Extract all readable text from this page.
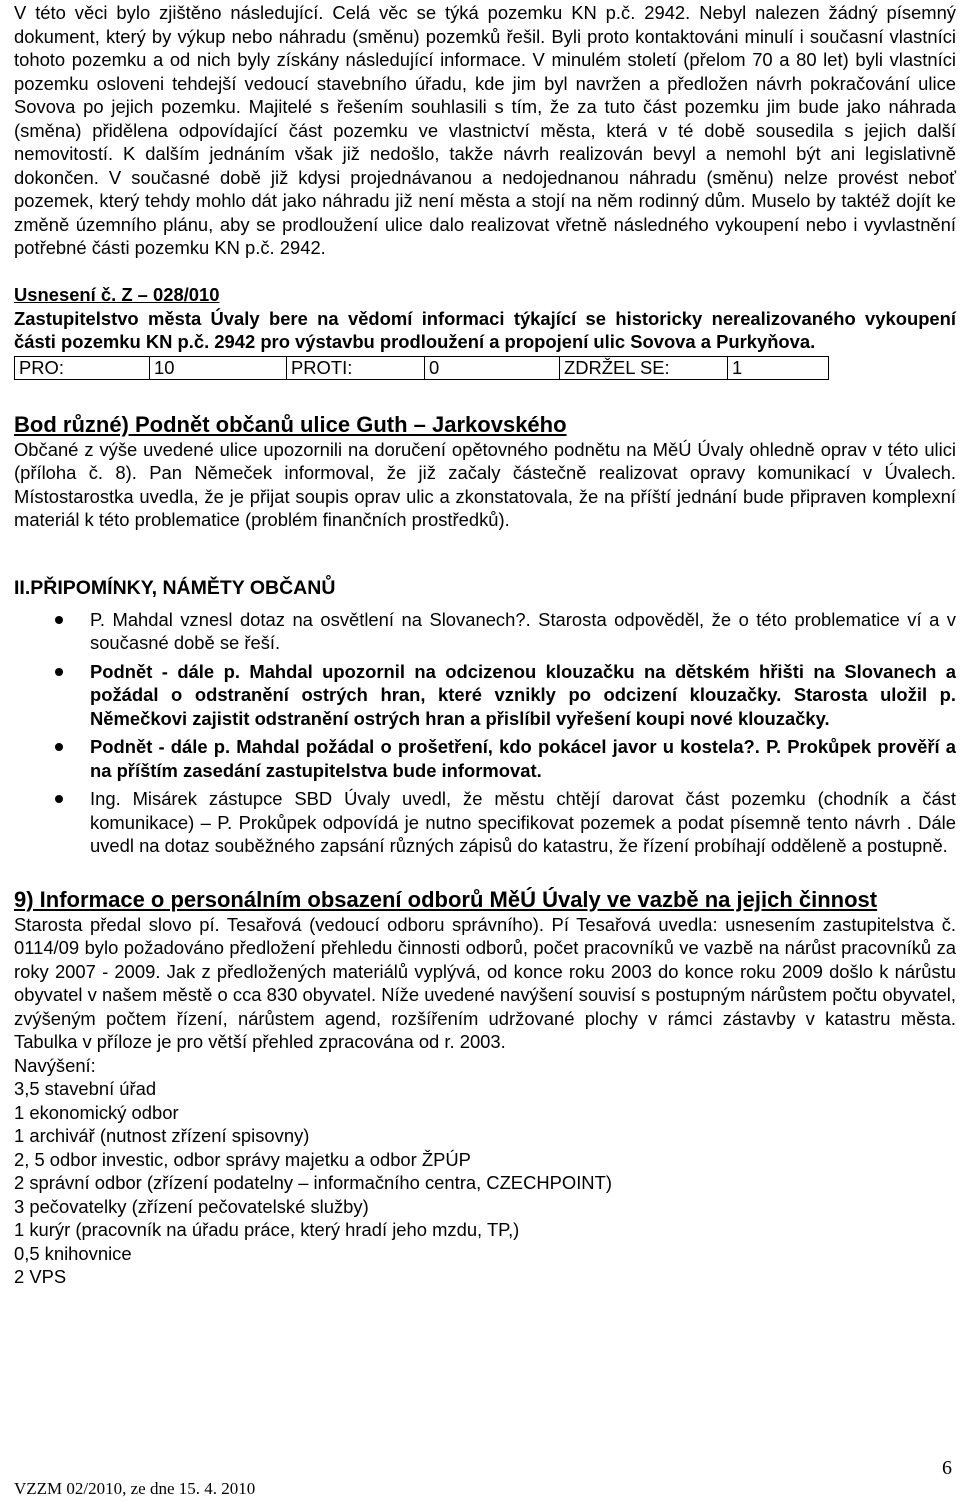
V této věci bylo zjištěno následující. Celá věc se týká pozemku KN p.č. 2942. Nebyl nalezen žádný písemný dokument, který by výkup nebo náhradu (směnu) pozemků řešil. Byli proto kontaktováni minulí i současní vlastníci tohoto pozemku a od nich byly získány následující informace. V minulém století (přelom 70 a 80 let) byli vlastníci pozemku osloveni tehdejší vedoucí stavebního úřadu, kde jim byl navržen a předložen návrh pokračování ulice Sovova po jejich pozemku. Majitelé s řešením souhlasili s tím, že za tuto část pozemku jim bude jako náhrada (směna) přidělena odpovídající část pozemku ve vlastnictví města, která v té době sousedila s jejich další nemovitostí. K dalším jednáním však již nedošlo, takže návrh realizován bevyl a nemohl být ani legislativně dokončen. V současné době již kdysi projednávanou a nedojednanou náhradu (směnu) nelze provést neboť pozemek, který tehdy mohlo dát jako náhradu již není města a stojí na něm rodinný dům. Muselo by taktéž dojít ke změně územního plánu, aby se prodloužení ulice dalo realizovat vřetně následného vykoupení nebo i vyvlastnění potřebné části pozemku KN p.č. 2942.

Usnesení č. Z – 028/010

Zastupitelstvo města Úvaly bere na vědomí informaci týkající se historicky nerealizovaného vykoupení části pozemku KN p.č. 2942 pro výstavbu prodloužení a propojení ulic Sovova a Purkyňova.

PRO:	10	PROTI:	0	ZDRŽEL SE:	1
Bod různé) Podnět občanů ulice Guth – Jarkovského

Občané z výše uvedené ulice upozornili na doručení opětovného podnětu na MěÚ Úvaly ohledně oprav v této ulici (příloha č. 8). Pan Němeček informoval, že již začaly částečně realizovat opravy komunikací v Úvalech. Místostarostka uvedla, že je přijat soupis oprav ulic a zkonstatovala, že na příští jednání bude připraven komplexní materiál k této problematice (problém finančních prostředků).

II.PŘIPOMÍNKY, NÁMĚTY OBČANŮ
P. Mahdal vznesl dotaz na osvětlení na Slovanech?. Starosta odpověděl, že o této problematice ví a v současné době se řeší.
Podnět - dále p. Mahdal upozornil na odcizenou klouzačku na dětském hřišti na Slovanech a požádal o odstranění ostrých hran, které vznikly po odcizení klouzačky. Starosta uložil p. Němečkovi zajistit odstranění ostrých hran a přislíbil vyřešení koupi nové klouzačky.
Podnět - dále p. Mahdal požádal o prošetření, kdo pokácel javor u kostela?. P. Prokůpek prověří a na příštím zasedání zastupitelstva bude informovat.
Ing. Misárek zástupce SBD Úvaly uvedl, že městu chtějí darovat část pozemku (chodník a část komunikace) – P. Prokůpek odpovídá je nutno specifikovat pozemek a podat písemně tento návrh . Dále uvedl na dotaz souběžného zapsání různých zápisů do katastru, že řízení probíhají odděleně a postupně.
9) Informace o personálním obsazení odborů MěÚ Úvaly ve vazbě na jejich činnost

Starosta předal slovo pí. Tesařová (vedoucí odboru správního). Pí Tesařová uvedla: usnesením zastupitelstva č. 0114/09 bylo požadováno předložení přehledu činnosti odborů, počet pracovníků ve vazbě na nárůst pracovníků za roky 2007 - 2009. Jak z předložených materiálů vyplývá, od konce roku 2003 do konce roku 2009 došlo k nárůstu obyvatel v našem městě o cca 830 obyvatel. Níže uvedené navýšení souvisí s postupným nárůstem počtu obyvatel, zvýšeným počtem řízení, nárůstem agend, rozšířením udržované plochy v rámci zástavby v katastru města. Tabulka v příloze je pro větší přehled zpracována od r. 2003.

Navýšení:
3,5 stavební úřad
1 ekonomický odbor
1 archivář (nutnost zřízení spisovny)
2, 5 odbor investic, odbor správy majetku a odbor ŽPÚP
2 správní odbor (zřízení podatelny – informačního centra, CZECHPOINT)
3 pečovatelky (zřízení pečovatelské služby)
1 kurýr (pracovník na úřadu práce, který hradí jeho mzdu, TP,)
0,5 knihovnice
2 VPS
VZZM 02/2010, ze dne 15. 4. 2010
6
